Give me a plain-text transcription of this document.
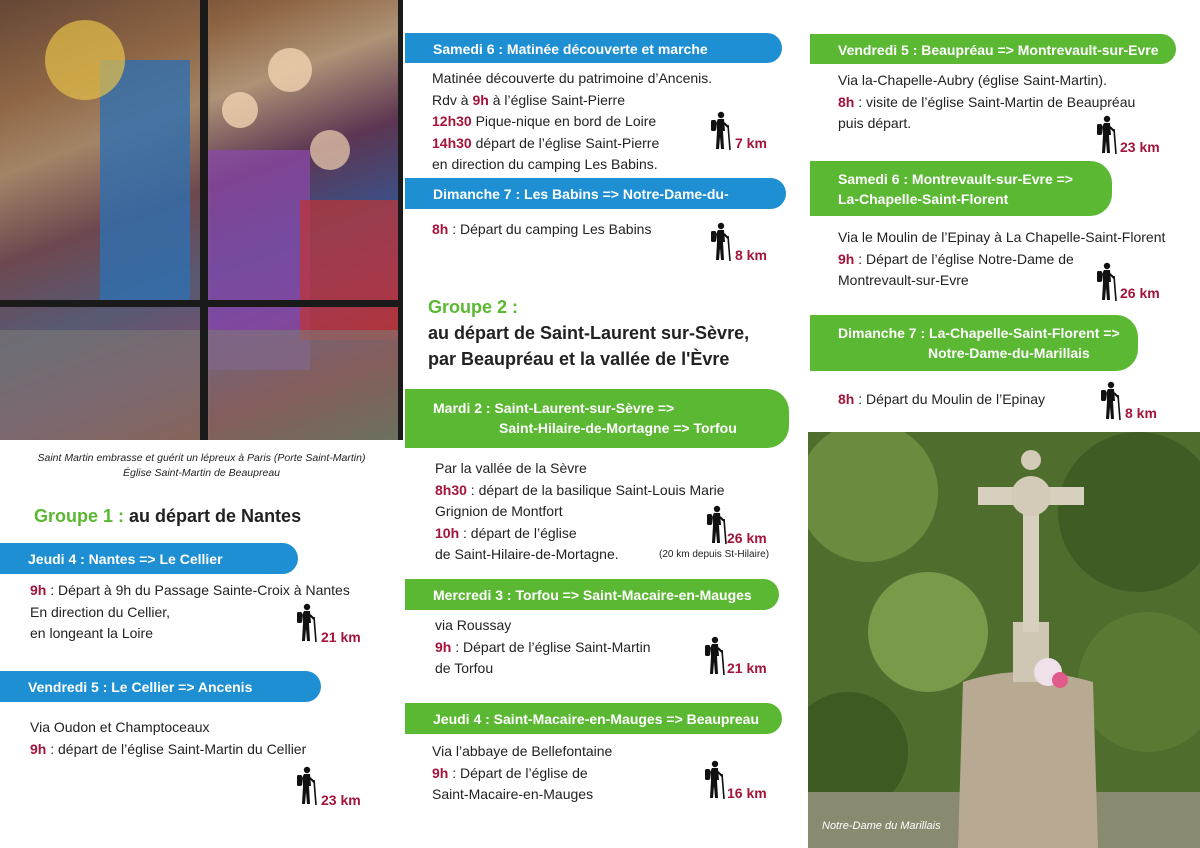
Saint Martin embrasse et guérit un lépreux à Paris (Porte Saint-Martin)
Église Saint-Martin de Beaupreau
Groupe 1 : au départ de Nantes
Jeudi 4 : Nantes => Le Cellier
9h : Départ à 9h du Passage Sainte-Croix à Nantes
En direction du Cellier,
en longeant la Loire	21 km
Vendredi 5 : Le Cellier => Ancenis
Via Oudon et Champtoceaux
9h : départ de l’église Saint-Martin du Cellier
23 km
Samedi 6 : Matinée découverte et marche
Matinée découverte du patrimoine d’Ancenis.
Rdv à 9h à l’église Saint-Pierre
12h30 Pique-nique en bord de Loire
14h30 départ de l’église Saint-Pierre
en direction du camping Les Babins.
7 km
Dimanche 7 : Les Babins => Notre-Dame-du-Marillais
8h : Départ du camping Les Babins
8 km
Groupe 2 :
au départ de Saint-Laurent sur-Sèvre,
par Beaupréau et la vallée de l'Èvre
Mardi 2 : Saint-Laurent-sur-Sèvre =>
Saint-Hilaire-de-Mortagne => Torfou
Par la vallée de la Sèvre
8h30 : départ de la basilique Saint-Louis Marie
Grignion de Montfort
10h : départ de l’église
de Saint-Hilaire-de-Mortagne.
26 km
(20 km depuis St-Hilaire)
Mercredi 3 : Torfou => Saint-Macaire-en-Mauges
via Roussay
9h : Départ de l’église Saint-Martin
de Torfou	21 km
Jeudi 4 : Saint-Macaire-en-Mauges => Beaupreau
Via l’abbaye de Bellefontaine
9h : Départ de l’église de
Saint-Macaire-en-Mauges	16 km
Vendredi 5 : Beaupréau => Montrevault-sur-Evre
Via la-Chapelle-Aubry (église Saint-Martin).
8h : visite de l’église Saint-Martin de Beaupréau
puis départ.
23 km
Samedi 6 : Montrevault-sur-Evre =>
La-Chapelle-Saint-Florent
Via le Moulin de l’Epinay à La Chapelle-Saint-Florent
9h : Départ de l’église Notre-Dame de
Montrevault-sur-Evre
26 km
Dimanche 7 : La-Chapelle-Saint-Florent =>
Notre-Dame-du-Marillais
8h : Départ du Moulin de l’Epinay
8 km
Notre-Dame du Marillais
